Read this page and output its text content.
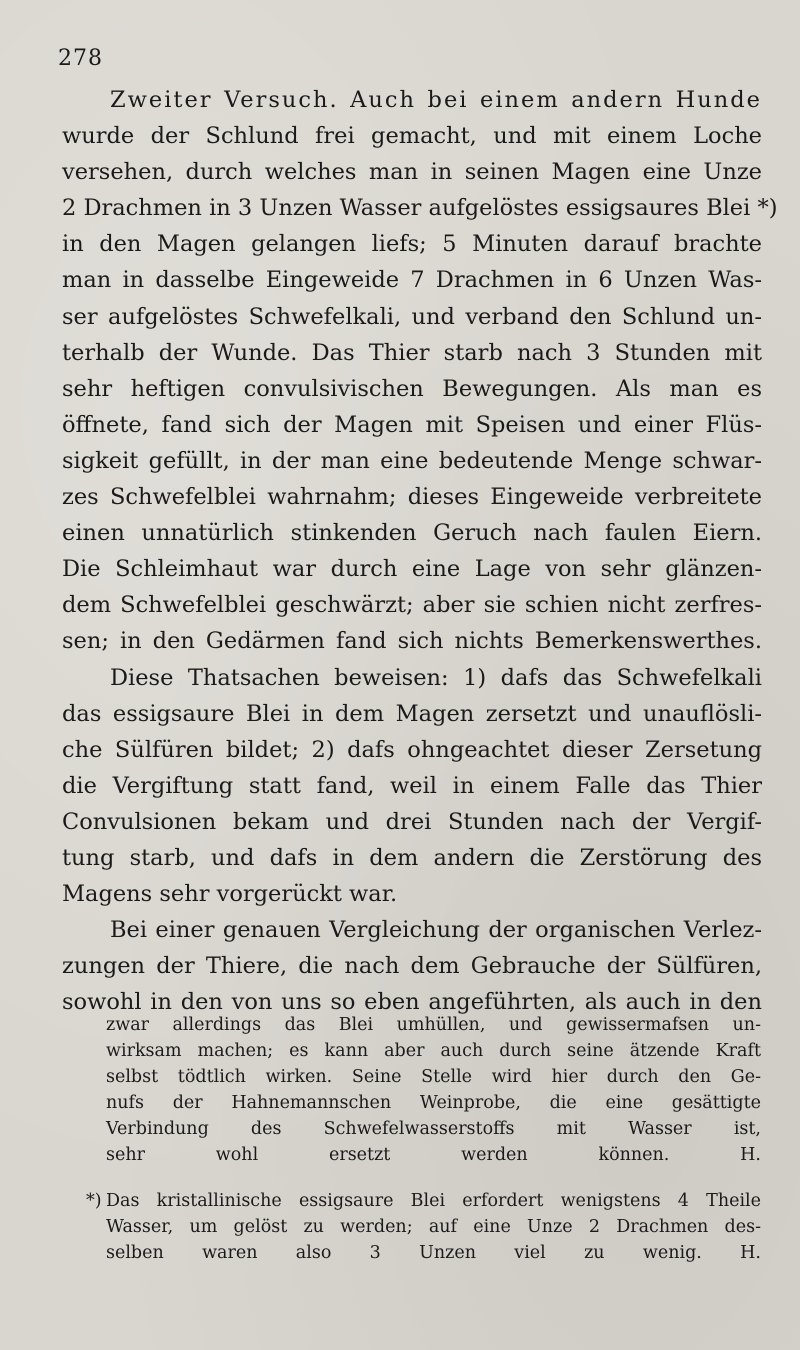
278
Zweiter Versuch. Auch bei einem andern Hunde
wurde der Schlund frei gemacht, und mit einem Loche
versehen, durch welches man in seinen Magen eine Unze
2 Drachmen in 3 Unzen Wasser aufgelöstes essigsaures Blei *)
in den Magen gelangen liefs; 5 Minuten darauf brachte
man in dasselbe Eingeweide 7 Drachmen in 6 Unzen Was-
ser aufgelöstes Schwefelkali, und verband den Schlund un-
terhalb der Wunde. Das Thier starb nach 3 Stunden mit
sehr heftigen convulsivischen Bewegungen. Als man es
öffnete, fand sich der Magen mit Speisen und einer Flüs-
sigkeit gefüllt, in der man eine bedeutende Menge schwar-
zes Schwefelblei wahrnahm; dieses Eingeweide verbreitete
einen unnatürlich stinkenden Geruch nach faulen Eiern.
Die Schleimhaut war durch eine Lage von sehr glänzen-
dem Schwefelblei geschwärzt; aber sie schien nicht zerfres-
sen; in den Gedärmen fand sich nichts Bemerkenswerthes.
Diese Thatsachen beweisen: 1) dafs das Schwefelkali
das essigsaure Blei in dem Magen zersetzt und unauflösli-
che Sülfüren bildet; 2) dafs ohngeachtet dieser Zersetung
die Vergiftung statt fand, weil in einem Falle das Thier
Convulsionen bekam und drei Stunden nach der Vergif-
tung starb, und dafs in dem andern die Zerstörung des
Magens sehr vorgerückt war.
Bei einer genauen Vergleichung der organischen Verlez-
zungen der Thiere, die nach dem Gebrauche der Sülfüren,
sowohl in den von uns so eben angeführten, als auch in den
zwar allerdings das Blei umhüllen, und gewissermafsen un-
wirksam machen; es kann aber auch durch seine ätzende Kraft
selbst tödtlich wirken. Seine Stelle wird hier durch den Ge-
nufs der Hahnemannschen Weinprobe, die eine gesättigte
Verbindung des Schwefelwasserstoffs mit Wasser ist,
sehr wohl ersetzt werden können. H.
*) Das kristallinische essigsaure Blei erfordert wenigstens 4 Theile
Wasser, um gelöst zu werden; auf eine Unze 2 Drachmen des-
selben waren also 3 Unzen viel zu wenig. H.
